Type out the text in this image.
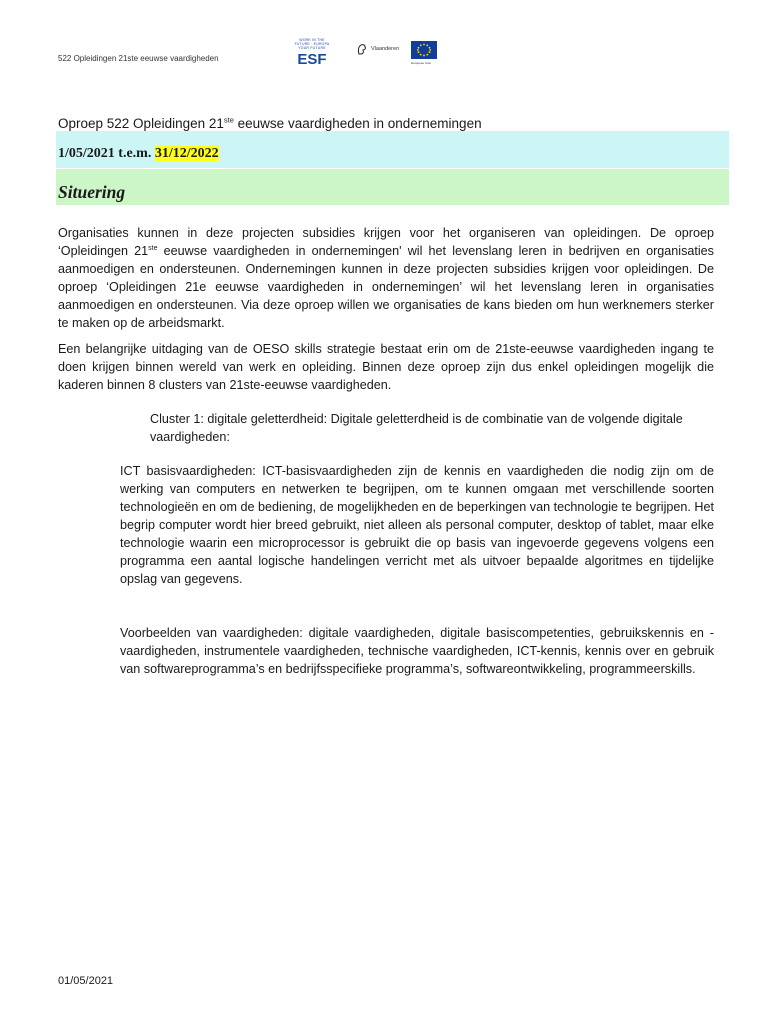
522 Opleidingen 21ste eeuwse vaardigheden
WORK IN THE FUTURE · EUROPA YOUR FUTURE
ESF
Vlaanderen
Europese Unie
Oproep 522 Opleidingen 21ste eeuwse vaardigheden in ondernemingen
1/05/2021 t.e.m. 31/12/2022
Situering
Organisaties kunnen in deze projecten subsidies krijgen voor het organiseren van opleidingen. De oproep ‘Opleidingen 21ste eeuwse vaardigheden in ondernemingen' wil het levenslang leren in bedrijven en organisaties aanmoedigen en ondersteunen. Ondernemingen kunnen in deze projecten subsidies krijgen voor opleidingen. De oproep ‘Opleidingen 21e eeuwse vaardigheden in ondernemingen’ wil het levenslang leren in organisaties aanmoedigen en ondersteunen. Via deze oproep willen we organisaties de kans bieden om hun werknemers sterker te maken op de arbeidsmarkt.
Een belangrijke uitdaging van de OESO skills strategie bestaat erin om de 21ste-eeuwse vaardigheden ingang te doen krijgen binnen wereld van werk en opleiding. Binnen deze oproep zijn dus enkel opleidingen mogelijk die kaderen binnen 8 clusters van 21ste-eeuwse vaardigheden.
Cluster 1: digitale geletterdheid: Digitale geletterdheid is de combinatie van de volgende digitale vaardigheden:
ICT basisvaardigheden: ICT-basisvaardigheden zijn de kennis en vaardigheden die nodig zijn om de werking van computers en netwerken te begrijpen, om te kunnen omgaan met verschillende soorten technologieën en om de bediening, de mogelijkheden en de beperkingen van technologie te begrijpen. Het begrip computer wordt hier breed gebruikt, niet alleen als personal computer, desktop of tablet, maar elke technologie waarin een microprocessor is gebruikt die op basis van ingevoerde gegevens volgens een programma een aantal logische handelingen verricht met als uitvoer bepaalde algoritmes en tijdelijke opslag van gegevens.
Voorbeelden van vaardigheden: digitale vaardigheden, digitale basiscompetenties, gebruikskennis en -vaardigheden, instrumentele vaardigheden, technische vaardigheden, ICT-kennis, kennis over en gebruik van softwareprogramma’s en bedrijfsspecifieke programma’s, softwareontwikkeling, programmeerskills.
01/05/2021
